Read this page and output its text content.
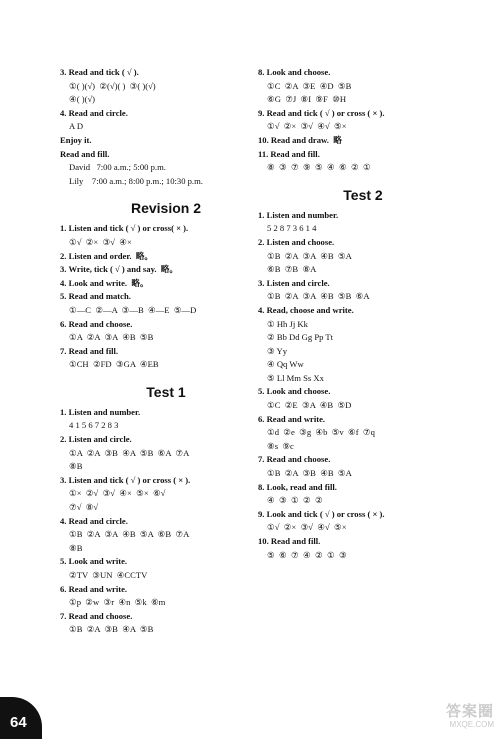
3. Read and tick ( √ ).
①( )(√)  ②(√)( )  ③( )(√)
④( )(√)
4. Read and circle.
A D
Enjoy it.
Read and fill.
David   7:00 a.m.; 5:00 p.m.
Lily    7:00 a.m.; 8:00 p.m.; 10:30 p.m.
Revision 2
1. Listen and tick ( √ ) or cross( × ).
①√  ②×  ③√  ④×
2. Listen and order.  略。
3. Write, tick ( √ ) and say.  略。
4. Look and write.  略。
5. Read and match.
①—C  ②—A  ③—B  ④—E  ⑤—D
6. Read and choose.
①A  ②A  ③A  ④B  ⑤B
7. Read and fill.
①CH  ②FD  ③GA  ④EB
Test 1
1. Listen and number.
4 1 5 6 7 2 8 3
2. Listen and circle.
①A  ②A  ③B  ④A  ⑤B  ⑥A  ⑦A
⑧B
3. Listen and tick ( √ ) or cross ( × ).
①×  ②√  ③√  ④×  ⑤×  ⑥√
⑦√  ⑧√
4. Read and circle.
①B  ②A  ③A  ④B  ⑤A  ⑥B  ⑦A
⑧B
5. Look and write.
②TV  ③UN  ④CCTV
6. Read and write.
①p  ②w  ③r  ④n  ⑤k  ⑥m
7. Read and choose.
①B  ②A  ③B  ④A  ⑤B
8. Look and choose.
①C  ②A  ③E  ④D  ⑤B
⑥G  ⑦J  ⑧I  ⑨F  ⑩H
9. Read and tick ( √ ) or cross ( × ).
①√  ②×  ③√  ④√  ⑤×
10. Read and draw.  略
11. Read and fill.
⑧  ③  ⑦  ⑨  ⑤  ④  ⑥  ②  ①
Test 2
1. Listen and number.
5 2 8 7 3 6 1 4
2. Listen and choose.
①B  ②A  ③A  ④B  ⑤A
⑥B  ⑦B  ⑧A
3. Listen and circle.
①B  ②A  ③A  ④B  ⑤B  ⑥A
4. Read, choose and write.
① Hh Jj Kk
② Bb Dd Gg Pp Tt
③ Yy
④ Qq Ww
⑤ Ll Mm Ss Xx
5. Look and choose.
①C  ②E  ③A  ④B  ⑤D
6. Read and write.
①d  ②e  ③g  ④b  ⑤v  ⑥f  ⑦q
⑧s  ⑨c
7. Read and choose.
①B  ②A  ③B  ④B  ⑤A
8. Look, read and fill.
④  ③  ①  ②  ②
9. Look and tick ( √ ) or cross ( × ).
①√  ②×  ③√  ④√  ⑤×
10. Read and fill.
⑤  ⑥  ⑦  ④  ②  ①  ③
64
答案圈
MXQE.COM
